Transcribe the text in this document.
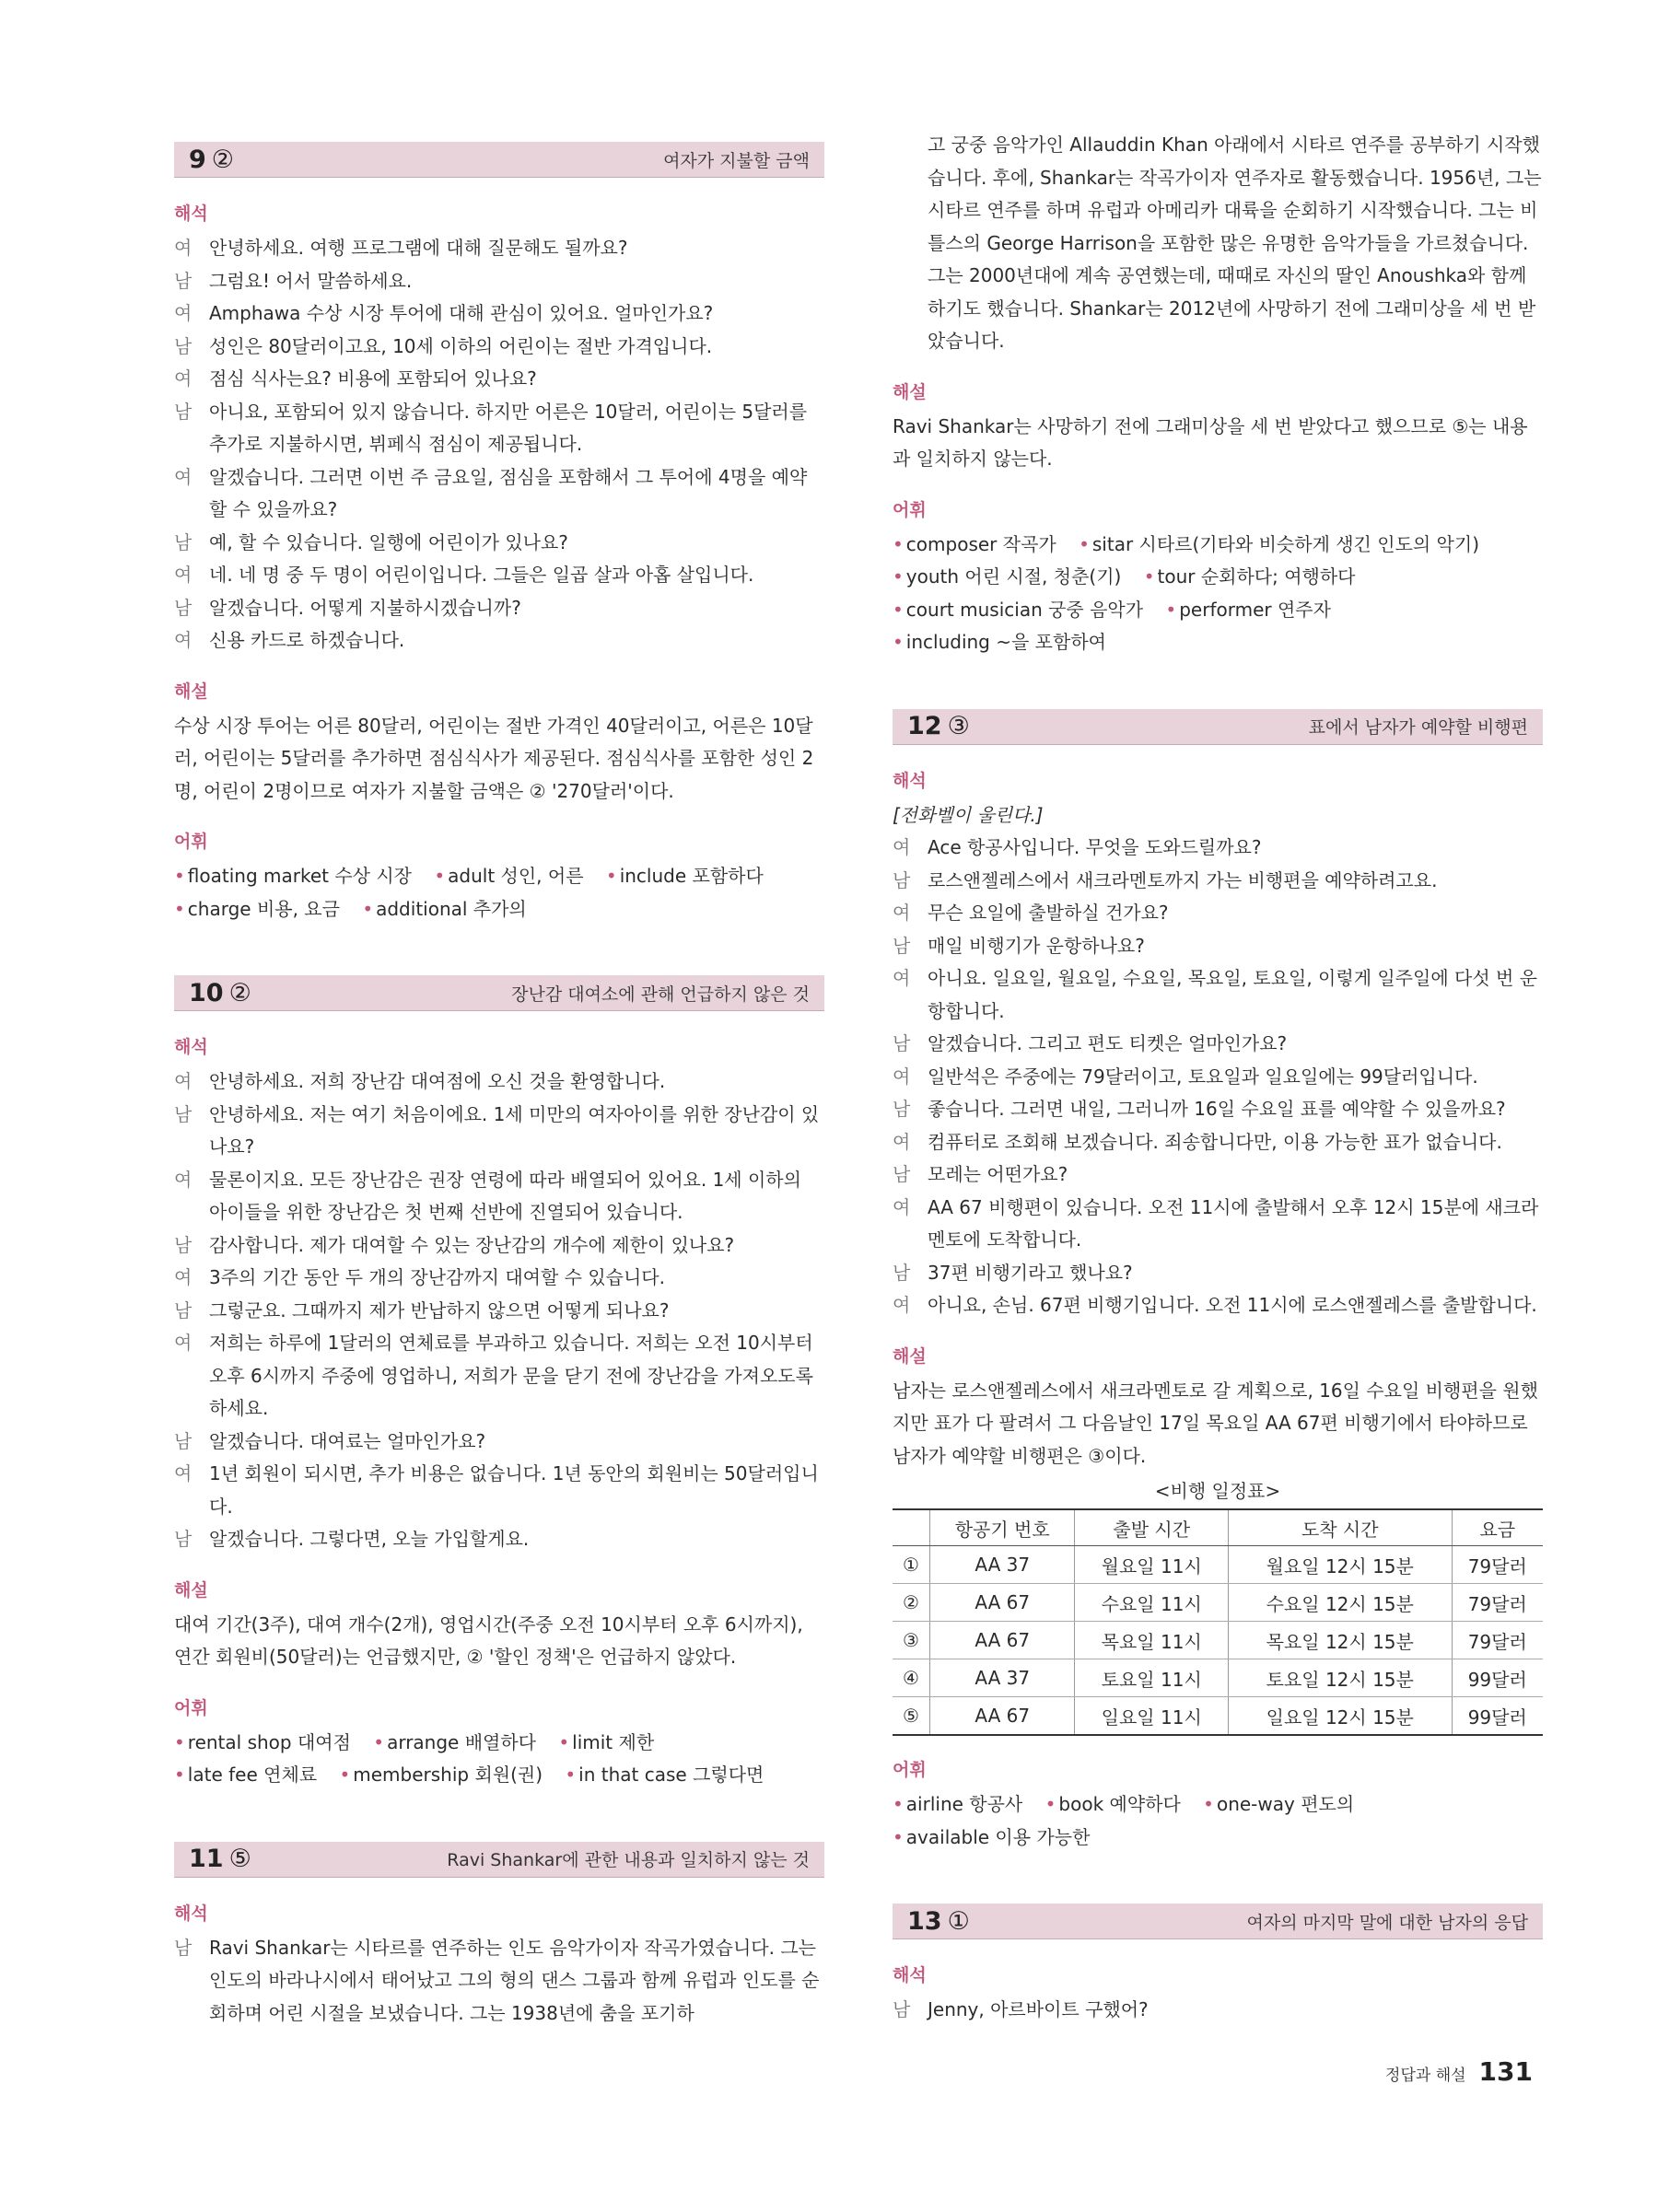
9 ②	여자가 지불할 금액
해석
여 안녕하세요. 여행 프로그램에 대해 질문해도 될까요?
남 그럼요! 어서 말씀하세요.
여 Amphawa 수상 시장 투어에 대해 관심이 있어요. 얼마인가요?
남 성인은 80달러이고요, 10세 이하의 어린이는 절반 가격입니다.
여 점심 식사는요? 비용에 포함되어 있나요?
남 아니요, 포함되어 있지 않습니다. 하지만 어른은 10달러, 어린이는 5달러를 추가로 지불하시면, 뷔페식 점심이 제공됩니다.
여 알겠습니다. 그러면 이번 주 금요일, 점심을 포함해서 그 투어에 4명을 예약할 수 있을까요?
남 예, 할 수 있습니다. 일행에 어린이가 있나요?
여 네. 네 명 중 두 명이 어린이입니다. 그들은 일곱 살과 아홉 살입니다.
남 알겠습니다. 어떻게 지불하시겠습니까?
여 신용 카드로 하겠습니다.
해설

수상 시장 투어는 어른 80달러, 어린이는 절반 가격인 40달러이고, 어른은 10달러, 어린이는 5달러를 추가하면 점심식사가 제공된다. 점심식사를 포함한 성인 2명, 어린이 2명이므로 여자가 지불할 금액은 ② '270달러'이다.

어휘
• floating market 수상 시장 • adult 성인, 어른 • include 포함하다 • charge 비용, 요금 • additional 추가의
10 ②	장난감 대여소에 관해 언급하지 않은 것
해석
여 안녕하세요. 저희 장난감 대여점에 오신 것을 환영합니다.
남 안녕하세요. 저는 여기 처음이에요. 1세 미만의 여자아이를 위한 장난감이 있나요?
여 물론이지요. 모든 장난감은 권장 연령에 따라 배열되어 있어요. 1세 이하의 아이들을 위한 장난감은 첫 번째 선반에 진열되어 있습니다.
남 감사합니다. 제가 대여할 수 있는 장난감의 개수에 제한이 있나요?
여 3주의 기간 동안 두 개의 장난감까지 대여할 수 있습니다.
남 그렇군요. 그때까지 제가 반납하지 않으면 어떻게 되나요?
여 저희는 하루에 1달러의 연체료를 부과하고 있습니다. 저희는 오전 10시부터 오후 6시까지 주중에 영업하니, 저희가 문을 닫기 전에 장난감을 가져오도록 하세요.
남 알겠습니다. 대여료는 얼마인가요?
여 1년 회원이 되시면, 추가 비용은 없습니다. 1년 동안의 회원비는 50달러입니다.
남 알겠습니다. 그렇다면, 오늘 가입할게요.
해설

대여 기간(3주), 대여 개수(2개), 영업시간(주중 오전 10시부터 오후 6시까지), 연간 회원비(50달러)는 언급했지만, ② '할인 정책'은 언급하지 않았다.

어휘
• rental shop 대여점 • arrange 배열하다 • limit 제한 • late fee 연체료 • membership 회원(권) • in that case 그렇다면
11 ⑤	Ravi Shankar에 관한 내용과 일치하지 않는 것
해석
남 Ravi Shankar는 시타르를 연주하는 인도 음악가이자 작곡가였습니다. 그는 인도의 바라나시에서 태어났고 그의 형의 댄스 그룹과 함께 유럽과 인도를 순회하며 어린 시절을 보냈습니다. 그는 1938년에 춤을 포기하
고 궁중 음악가인 Allauddin Khan 아래에서 시타르 연주를 공부하기 시작했습니다. 후에, Shankar는 작곡가이자 연주자로 활동했습니다. 1956년, 그는 시타르 연주를 하며 유럽과 아메리카 대륙을 순회하기 시작했습니다. 그는 비틀스의 George Harrison을 포함한 많은 유명한 음악가들을 가르쳤습니다. 그는 2000년대에 계속 공연했는데, 때때로 자신의 딸인 Anoushka와 함께 하기도 했습니다. Shankar는 2012년에 사망하기 전에 그래미상을 세 번 받았습니다.
해설

Ravi Shankar는 사망하기 전에 그래미상을 세 번 받았다고 했으므로 ⑤는 내용과 일치하지 않는다.

어휘
• composer 작곡가 • sitar 시타르(기타와 비슷하게 생긴 인도의 악기) • youth 어린 시절, 청춘(기) • tour 순회하다; 여행하다 • court musician 궁중 음악가 • performer 연주자 • including ~을 포함하여
12 ③	표에서 남자가 예약할 비행편
해석
[전화벨이 울린다.]
여 Ace 항공사입니다. 무엇을 도와드릴까요?
남 로스앤젤레스에서 새크라멘토까지 가는 비행편을 예약하려고요.
여 무슨 요일에 출발하실 건가요?
남 매일 비행기가 운항하나요?
여 아니요. 일요일, 월요일, 수요일, 목요일, 토요일, 이렇게 일주일에 다섯 번 운항합니다.
남 알겠습니다. 그리고 편도 티켓은 얼마인가요?
여 일반석은 주중에는 79달러이고, 토요일과 일요일에는 99달러입니다.
남 좋습니다. 그러면 내일, 그러니까 16일 수요일 표를 예약할 수 있을까요?
여 컴퓨터로 조회해 보겠습니다. 죄송합니다만, 이용 가능한 표가 없습니다.
남 모레는 어떤가요?
여 AA 67 비행편이 있습니다. 오전 11시에 출발해서 오후 12시 15분에 새크라멘토에 도착합니다.
남 37편 비행기라고 했나요?
여 아니요, 손님. 67편 비행기입니다. 오전 11시에 로스앤젤레스를 출발합니다.
해설

남자는 로스앤젤레스에서 새크라멘토로 갈 계획으로, 16일 수요일 비행편을 원했지만 표가 다 팔려서 그 다음날인 17일 목요일 AA 67편 비행기에서 타야하므로 남자가 예약할 비행편은 ③이다.

<비행 일정표>
	항공기 번호	출발 시간	도착 시간	요금
①	AA 37	월요일 11시	월요일 12시 15분	79달러
②	AA 67	수요일 11시	수요일 12시 15분	79달러
③	AA 67	목요일 11시	목요일 12시 15분	79달러
④	AA 37	토요일 11시	토요일 12시 15분	99달러
⑤	AA 67	일요일 11시	일요일 12시 15분	99달러
어휘
• airline 항공사 • book 예약하다 • one-way 편도의 • available 이용 가능한
13 ①	여자의 마지막 말에 대한 남자의 응답
해석
남 Jenny, 아르바이트 구했어?
정답과 해설 131
